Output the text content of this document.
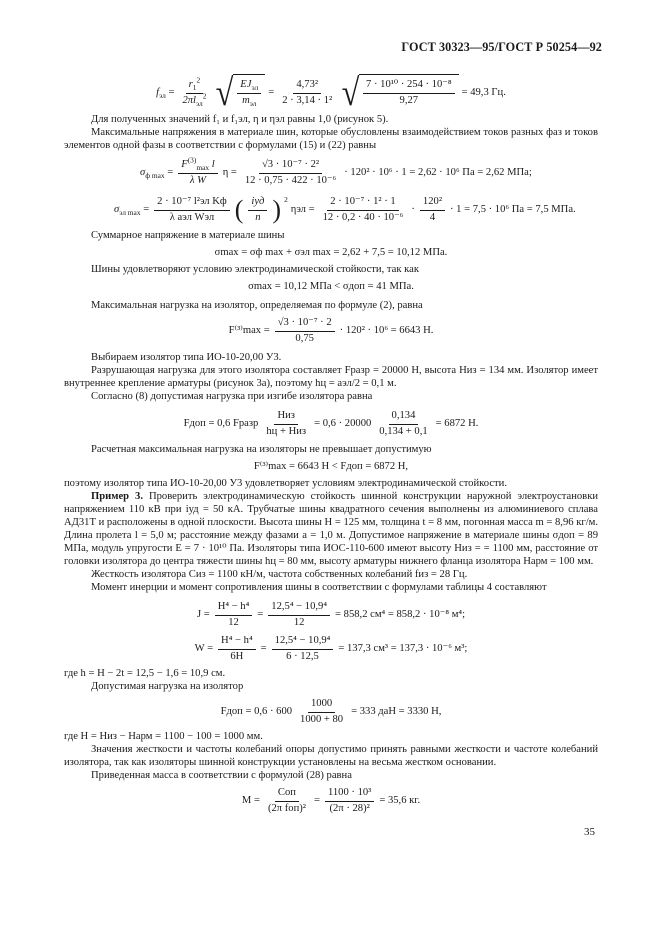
ГОСТ 30323—95/ГОСТ Р 50254—92
$f_{эл} = \frac{r_1^2}{2\pi l_{эл}^2}$ √ $\frac{EJ_{эл}}{m_{эл}} = \frac{\text{4,73²}}{\text{2 · 3,14 · 1²}}$ √ $\frac{\text{7 · 10¹⁰ · 254 · 10⁻⁸}}{9,27} = 49,3$ Гц.

Для полученных значений f₁ и f₁эл, η и ηэл равны 1,0 (рисунок 5).

Максимальные напряжения в материале шин, которые обусловлены взаимодействием токов разных фаз и токов элементов одной фазы в соответствии с формулами (15) и (22) равны

$\sigma_{ф max} = \frac{F^{(3)}_{max} l}{\text{λ W}}$ $\eta = \frac{\text{√3 · 10⁻⁷ · 2²}}{\text{12 · 0,75 · 422 · 10⁻⁶}} \cdot 120^2 \cdot 10^6 \cdot 1 = 2,62 \cdot 10^6$ Па = 2,62 МПа;
$\sigma_{эл max} = \frac{\text{2 · 10⁻⁷ l²эл Kф}}{\text{λ aэл Wэл}}$ ( $\frac{\text{iуд}}{n}$ ) $^2$
$\eta эл = \frac{\text{2 · 10⁻⁷ · 1² · 1}}{\text{12 · 0,2 · 40 · 10⁻⁶}} \cdot \frac{\text{120²}}{4} \cdot 1 = 7,5 \cdot 10^6$ Па = 7,5 МПа.

Суммарное напряжение в материале шины

σmax = σф max + σэл max = 2,62 + 7,5 = 10,12 МПа.

Шины удовлетворяют условию электродинамической стойкости, так как

σmax = 10,12 МПа < σдоп = 41 МПа.

Максимальная нагрузка на изолятор, определяемая по формуле (2), равна

$F^{(3)}\max = \frac{\text{√3 · 10⁻⁷ · 2}}{0,75} \cdot 120^2 \cdot 10^6 = 6643$ Н.

Выбираем изолятор типа ИО-10-20,00 У3.

Разрушающая нагрузка для этого изолятора составляет Fразр = 20000 Н, высота Hиз = 134 мм. Изолятор имеет внутреннее крепление арматуры (рисунок 3а), поэтому hц = aэл/2 = 0,1 м.

Согласно (8) допустимая нагрузка при изгибе изолятора равна

Fдоп = 0,6 Fразр $\frac{\text{Hиз}}{\text{hц + Hиз}} = 0,6 \cdot 20000 \frac{0,134}{0,134 + 0,1} = 6872$ Н.

Расчетная максимальная нагрузка на изоляторы не превышает допустимую

F⁽³⁾max = 6643 Н < Fдоп = 6872 Н,

поэтому изолятор типа ИО-10-20,00 У3 удовлетворяет условиям электродинамической стойкости.

Пример 3. Проверить электродинамическую стойкость шинной конструкции наружной электроустановки напряжением 110 кВ при iуд = 50 кА. Трубчатые шины квадратного сечения выполнены из алюминиевого сплава АД31Т и расположены в одной плоскости. Высота шины H = 125 мм, толщина t = 8 мм, погонная масса m = 8,96 кг/м. Длина пролета l = 5,0 м; расстояние между фазами a = 1,0 м. Допустимое напряжение в материале шины σдоп = 89 МПа, модуль упругости E = 7 · 10¹⁰ Па. Изоляторы типа ИОС-110-600 имеют высоту Hиз = = 1100 мм, расстояние от головки изолятора до центра тяжести шины hц = 80 мм, высоту арматуры нижнего фланца изолятора Hарм = 100 мм.

Жесткость изолятора Cиз = 1100 кН/м, частота собственных колебаний fиз = 28 Гц.

Момент инерции и момент сопротивления шины в соответствии с формулами таблицы 4 составляют

$J = \frac{\text{H⁴ − h⁴}}{12} = \frac{\text{12,5⁴ − 10,9⁴}}{12} = 858,2$ см⁴ = 858,2 · 10⁻⁸ м⁴;
$W = \frac{\text{H⁴ − h⁴}}{6H} = \frac{\text{12,5⁴ − 10,9⁴}}{6 \cdot 12,5} = 137,3$ см³ = 137,3 · 10⁻⁶ м³;

где h = H − 2t = 12,5 − 1,6 = 10,9 см.

Допустимая нагрузка на изолятор

Fдоп = $0,6 \cdot 600 \frac{1000}{1000 + 80} = 333$ даН = 3330 Н,

где H = Hиз − Hарм = 1100 − 100 = 1000 мм.

Значения жесткости и частоты колебаний опоры допустимо принять равными жесткости и частоте колебаний изолятора, так как изоляторы шинной конструкции установлены на весьма жестком основании.

Приведенная масса в соответствии с формулой (28) равна

$M = \frac{\text{Cоп}}{\text{(2π fоп)²}} = \frac{\text{1100 · 10³}}{\text{(2π · 28)²}} = 35,6$ кг.
35
